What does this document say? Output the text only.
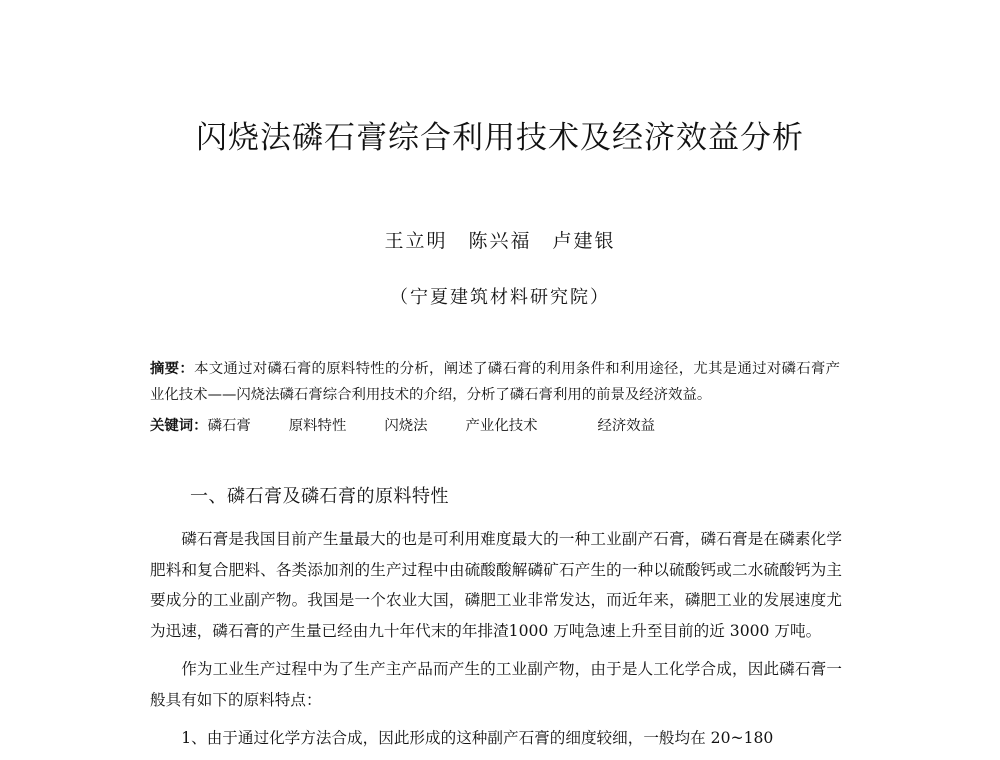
闪烧法磷石膏综合利用技术及经济效益分析
王立明　陈兴福　卢建银
（宁夏建筑材料研究院）
摘要：本文通过对磷石膏的原料特性的分析，阐述了磷石膏的利用条件和利用途径，尤其是通过对磷石膏产业化技术——闪烧法磷石膏综合利用技术的介绍，分析了磷石膏利用的前景及经济效益。
关键词：磷石膏	原料特性	闪烧法	产业化技术	经济效益
一、磷石膏及磷石膏的原料特性

磷石膏是我国目前产生量最大的也是可利用难度最大的一种工业副产石膏，磷石膏是在磷素化学肥料和复合肥料、各类添加剂的生产过程中由硫酸酸解磷矿石产生的一种以硫酸钙或二水硫酸钙为主要成分的工业副产物。我国是一个农业大国，磷肥工业非常发达，而近年来，磷肥工业的发展速度尤为迅速，磷石膏的产生量已经由九十年代末的年排渣1000 万吨急速上升至目前的近 3000 万吨。

作为工业生产过程中为了生产主产品而产生的工业副产物，由于是人工化学合成，因此磷石膏一般具有如下的原料特点：

1、由于通过化学方法合成，因此形成的这种副产石膏的细度较细，一般均在 20~180
